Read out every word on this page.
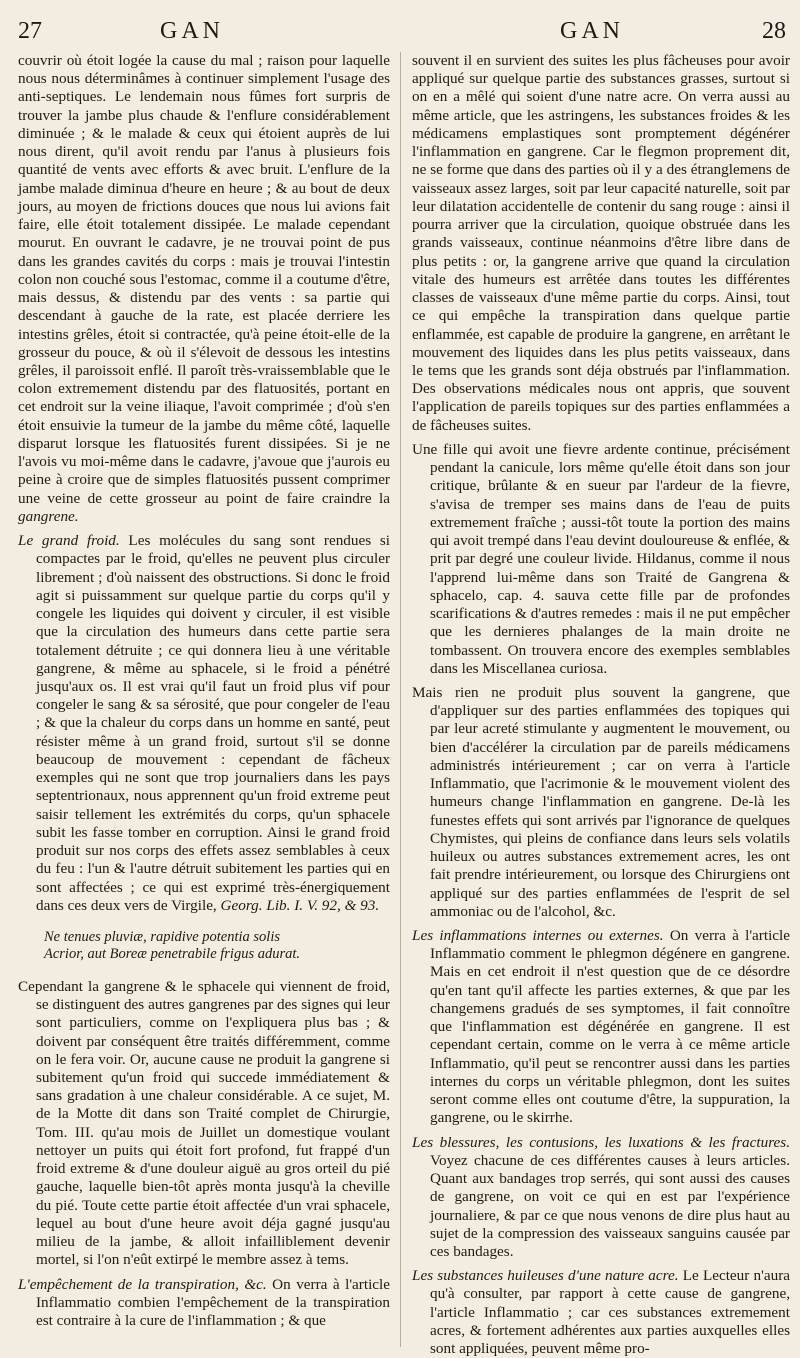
27	GAN	GAN	28

couvrir où étoit logée la cause du mal ; raison pour laquelle nous nous déterminâmes à continuer simplement l'usage des anti-septiques. Le lendemain nous fûmes fort surpris de trouver la jambe plus chaude & l'enflure considérablement diminuée ; & le malade & ceux qui étoient auprès de lui nous dirent, qu'il avoit rendu par l'anus à plusieurs fois quantité de vents avec efforts & avec bruit. L'enflure de la jambe malade diminua d'heure en heure ; & au bout de deux jours, au moyen de frictions douces que nous lui avions fait faire, elle étoit totalement dissipée. Le malade cependant mourut. En ouvrant le cadavre, je ne trouvai point de pus dans les grandes cavités du corps : mais je trouvai l'intestin colon non couché sous l'estomac, comme il a coutume d'être, mais dessus, & distendu par des vents : sa partie qui descendant à gauche de la rate, est placée derriere les intestins grêles, étoit si contractée, qu'à peine étoit-elle de la grosseur du pouce, & où il s'élevoit de dessous les intestins grêles, il paroissoit enflé. Il paroît très-vraissemblable que le colon extremement distendu par des flatuosités, portant en cet endroit sur la veine iliaque, l'avoit comprimée ; d'où s'en étoit ensuivie la tumeur de la jambe du même côté, laquelle disparut lorsque les flatuosités furent dissipées. Si je ne l'avois vu moi-même dans le cadavre, j'avoue que j'aurois eu peine à croire que de simples flatuosités pussent comprimer une veine de cette grosseur au point de faire craindre la gangrene.

Le grand froid. Les molécules du sang sont rendues si compactes par le froid, qu'elles ne peuvent plus circuler librement ; d'où naissent des obstructions. Si donc le froid agit si puissamment sur quelque partie du corps qu'il y congele les liquides qui doivent y circuler, il est visible que la circulation des humeurs dans cette partie sera totalement détruite ; ce qui donnera lieu à une véritable gangrene, & même au sphacele, si le froid a pénétré jusqu'aux os. Il est vrai qu'il faut un froid plus vif pour congeler le sang & sa sérosité, que pour congeler de l'eau ; & que la chaleur du corps dans un homme en santé, peut résister même à un grand froid, surtout s'il se donne beaucoup de mouvement : cependant de fâcheux exemples qui ne sont que trop journaliers dans les pays septentrionaux, nous apprennent qu'un froid extreme peut saisir tellement les extrémités du corps, qu'un sphacele subit les fasse tomber en corruption. Ainsi le grand froid produit sur nos corps des effets assez semblables à ceux du feu : l'un & l'autre détruit subitement les parties qui en sont affectées ; ce qui est exprimé très-énergiquement dans ces deux vers de Virgile, Georg. Lib. I. V. 92, & 93.

Ne tenues pluviæ, rapidive potentia solis
Acrior, aut Boreæ penetrabile frigus adurat.

Cependant la gangrene & le sphacele qui viennent de froid, se distinguent des autres gangrenes par des signes qui leur sont particuliers, comme on l'expliquera plus bas ; & doivent par conséquent être traités différemment, comme on le fera voir. Or, aucune cause ne produit la gangrene si subitement qu'un froid qui succede immédiatement & sans gradation à une chaleur considérable. A ce sujet, M. de la Motte dit dans son Traité complet de Chirurgie, Tom. III. qu'au mois de Juillet un domestique voulant nettoyer un puits qui étoit fort profond, fut frappé d'un froid extreme & d'une douleur aiguë au gros orteil du pié gauche, laquelle bien-tôt après monta jusqu'à la cheville du pié. Toute cette partie étoit affectée d'un vrai sphacele, lequel au bout d'une heure avoit déja gagné jusqu'au milieu de la jambe, & alloit infailliblement devenir mortel, si l'on n'eût extirpé le membre assez à tems.

L'empêchement de la transpiration, &c. On verra à l'article Inflammatio combien l'empêchement de la transpiration est contraire à la cure de l'inflammation ; & que

souvent il en survient des suites les plus fâcheuses pour avoir appliqué sur quelque partie des substances grasses, surtout si on en a mêlé qui soient d'une natre acre. On verra aussi au même article, que les astringens, les substances froides & les médicamens emplastiques sont promptement dégénérer l'inflammation en gangrene. Car le flegmon proprement dit, ne se forme que dans des parties où il y a des étranglemens de vaisseaux assez larges, soit par leur capacité naturelle, soit par leur dilatation accidentelle de contenir du sang rouge : ainsi il pourra arriver que la circulation, quoique obstruée dans les grands vaisseaux, continue néanmoins d'être libre dans de plus petits : or, la gangrene arrive que quand la circulation vitale des humeurs est arrêtée dans toutes les différentes classes de vaisseaux d'une même partie du corps. Ainsi, tout ce qui empêche la transpiration dans quelque partie enflammée, est capable de produire la gangrene, en arrêtant le mouvement des liquides dans les plus petits vaisseaux, dans le tems que les grands sont déja obstrués par l'inflammation. Des observations médicales nous ont appris, que souvent l'application de pareils topiques sur des parties enflammées a de fâcheuses suites.

Une fille qui avoit une fievre ardente continue, précisément pendant la canicule, lors même qu'elle étoit dans son jour critique, brûlante & en sueur par l'ardeur de la fievre, s'avisa de tremper ses mains dans de l'eau de puits extremement fraîche ; aussi-tôt toute la portion des mains qui avoit trempé dans l'eau devint douloureuse & enflée, & prit par degré une couleur livide. Hildanus, comme il nous l'apprend lui-même dans son Traité de Gangrena & sphacelo, cap. 4. sauva cette fille par de profondes scarifications & d'autres remedes : mais il ne put empêcher que les dernieres phalanges de la main droite ne tombassent. On trouvera encore des exemples semblables dans les Miscellanea curiosa.

Mais rien ne produit plus souvent la gangrene, que d'appliquer sur des parties enflammées des topiques qui par leur acreté stimulante y augmentent le mouvement, ou bien d'accélérer la circulation par de pareils médicamens administrés intérieurement ; car on verra à l'article Inflammatio, que l'acrimonie & le mouvement violent des humeurs change l'inflammation en gangrene. De-là les funestes effets qui sont arrivés par l'ignorance de quelques Chymistes, qui pleins de confiance dans leurs sels volatils huileux ou autres substances extremement acres, les ont fait prendre intérieurement, ou lorsque des Chirurgiens ont appliqué sur des parties enflammées de l'esprit de sel ammoniac ou de l'alcohol, &c.

Les inflammations internes ou externes. On verra à l'article Inflammatio comment le phlegmon dégénere en gangrene. Mais en cet endroit il n'est question que de ce désordre qu'en tant qu'il affecte les parties externes, & que par les changemens gradués de ses symptomes, il fait connoître que l'inflammation est dégénérée en gangrene. Il est cependant certain, comme on le verra à ce même article Inflammatio, qu'il peut se rencontrer aussi dans les parties internes du corps un véritable phlegmon, dont les suites seront comme elles ont coutume d'être, la suppuration, la gangrene, ou le skirrhe.

Les blessures, les contusions, les luxations & les fractures. Voyez chacune de ces différentes causes à leurs articles. Quant aux bandages trop serrés, qui sont aussi des causes de gangrene, on voit ce qui en est par l'expérience journaliere, & par ce que nous venons de dire plus haut au sujet de la compression des vaisseaux sanguins causée par ces bandages.

Les substances huileuses d'une nature acre. Le Lecteur n'aura qu'à consulter, par rapport à cette cause de gangrene, l'article Inflammatio ; car ces substances extremement acres, & fortement adhérentes aux parties auxquelles elles sont appliquées, peuvent même pro-
